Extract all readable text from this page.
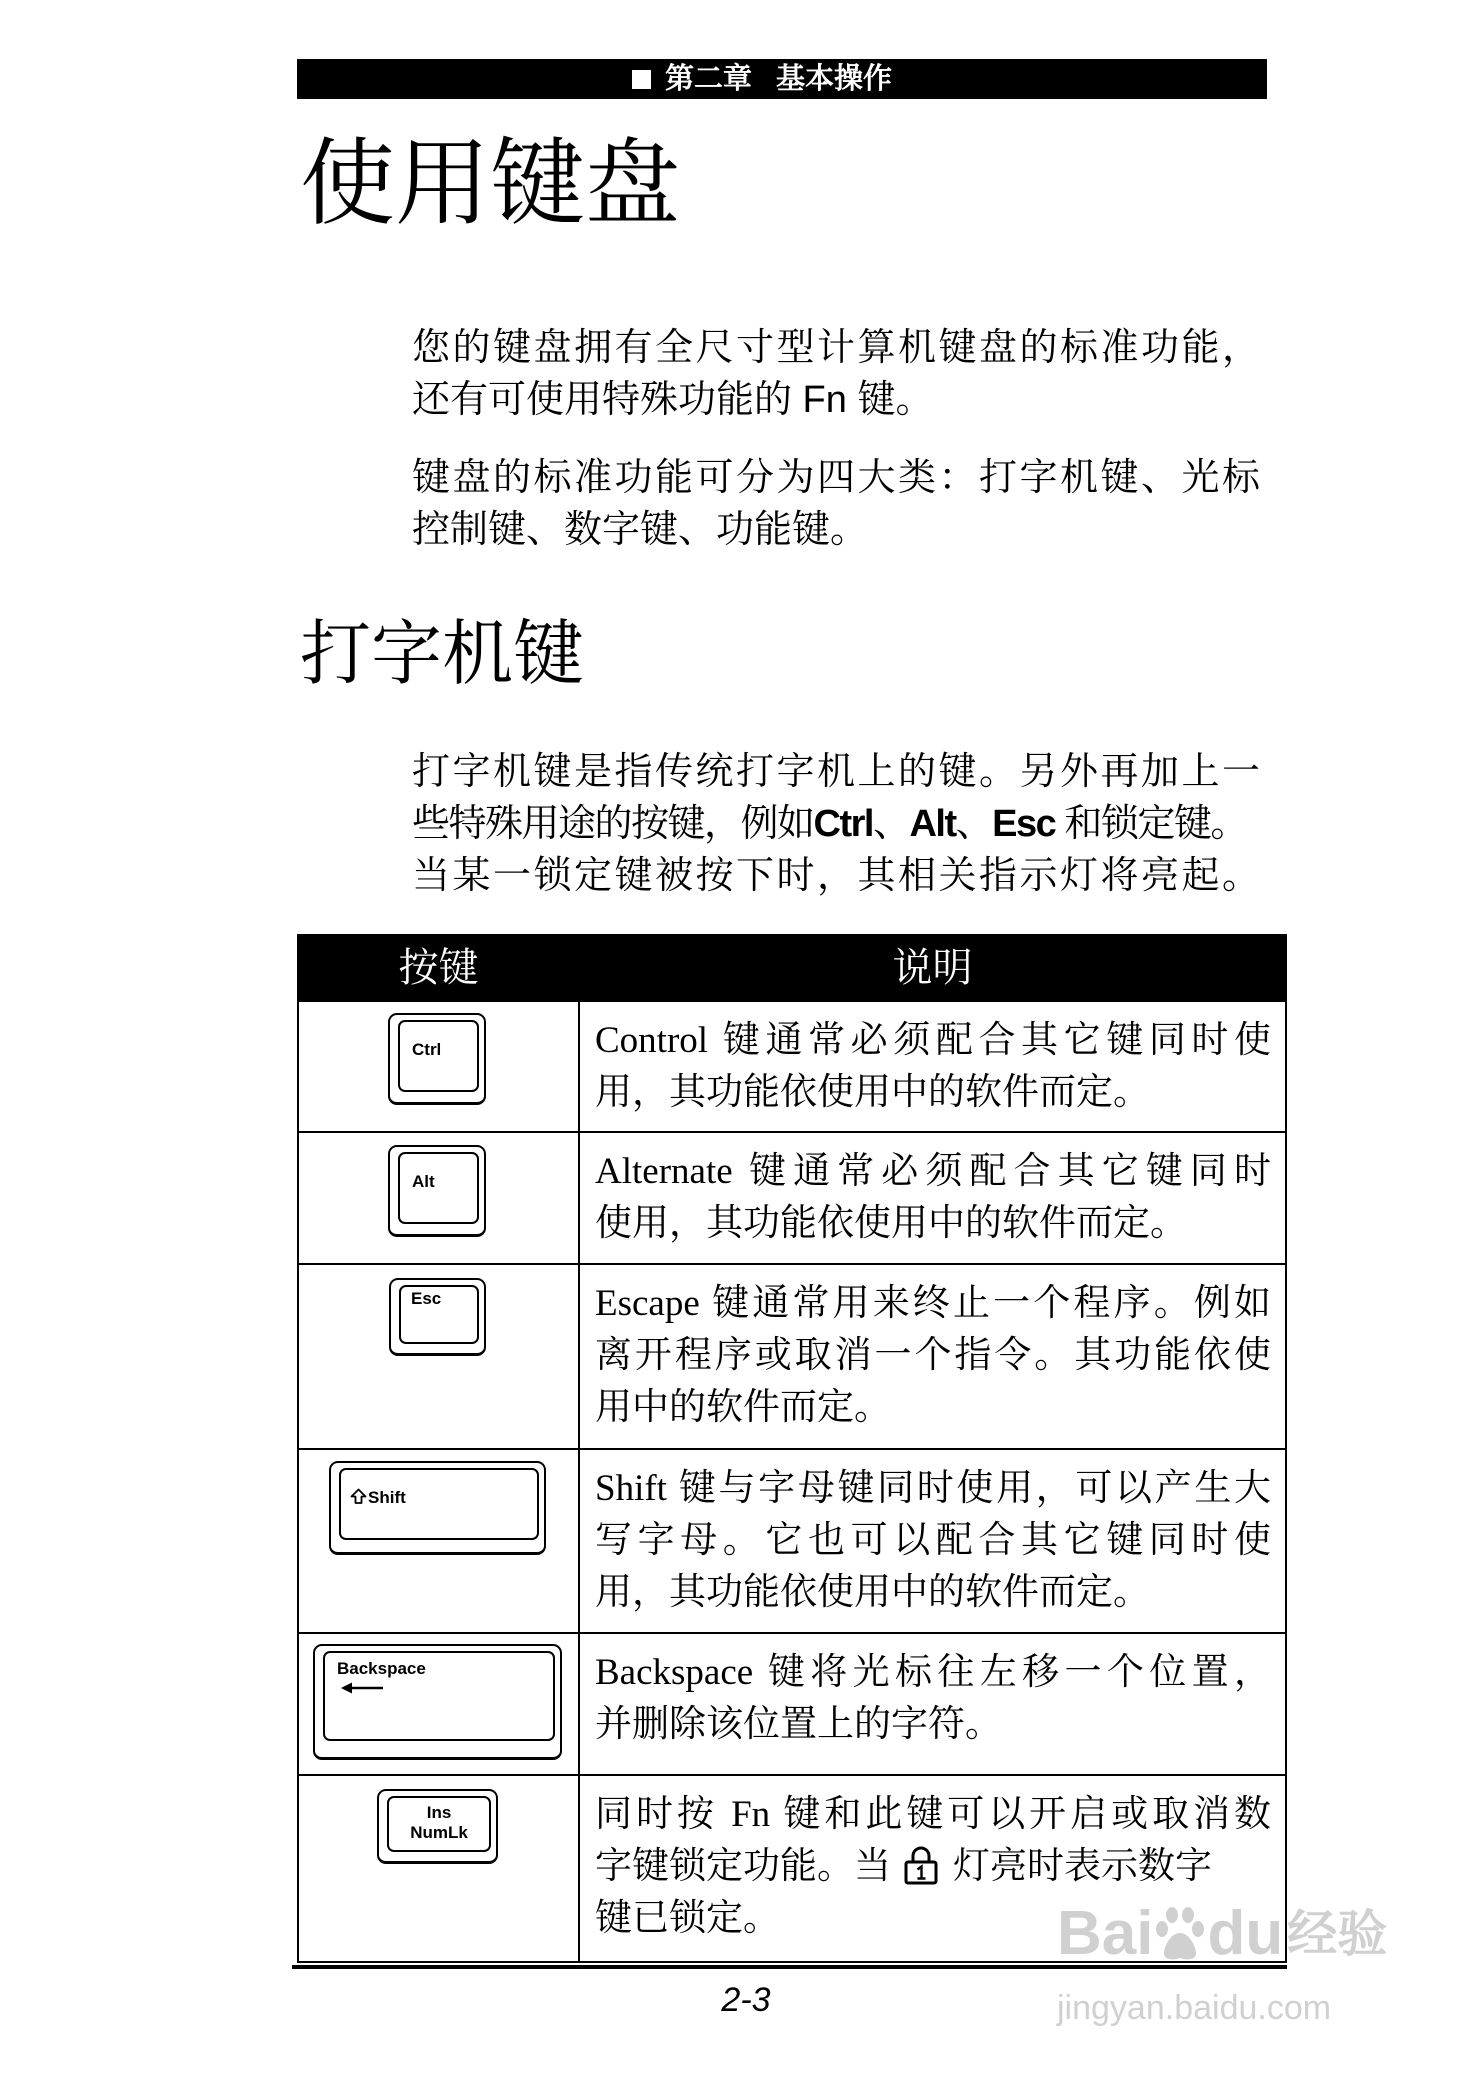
第二章 基本操作
使用键盘
您的键盘拥有全尺寸型计算机键盘的标准功能，
还有可使用特殊功能的 Fn 键。
键盘的标准功能可分为四大类：打字机键、光标
控制键、数字键、功能键。
打字机键
打字机键是指传统打字机上的键。另外再加上一
些特殊用途的按键，例如Ctrl、Alt、Esc 和锁定键。
当某一锁定键被按下时，其相关指示灯将亮起。
按键	说明
Ctrl	Control 键通常必须配合其它键同时使
用，其功能依使用中的软件而定。
Alt	Alternate 键通常必须配合其它键同时
使用，其功能依使用中的软件而定。
Esc	Escape 键通常用来终止一个程序。例如
离开程序或取消一个指令。其功能依使
用中的软件而定。
Shift	Shift 键与字母键同时使用，可以产生大
写字母。它也可以配合其它键同时使
用，其功能依使用中的软件而定。
Backspace	Backspace 键将光标往左移一个位置，
并删除该位置上的字符。
Ins
NumLk	同时按 Fn 键和此键可以开启或取消数
字键锁定功能。当 灯亮时表示数字
键已锁定。
2-3
Bai du 经验
jingyan.baidu.com
